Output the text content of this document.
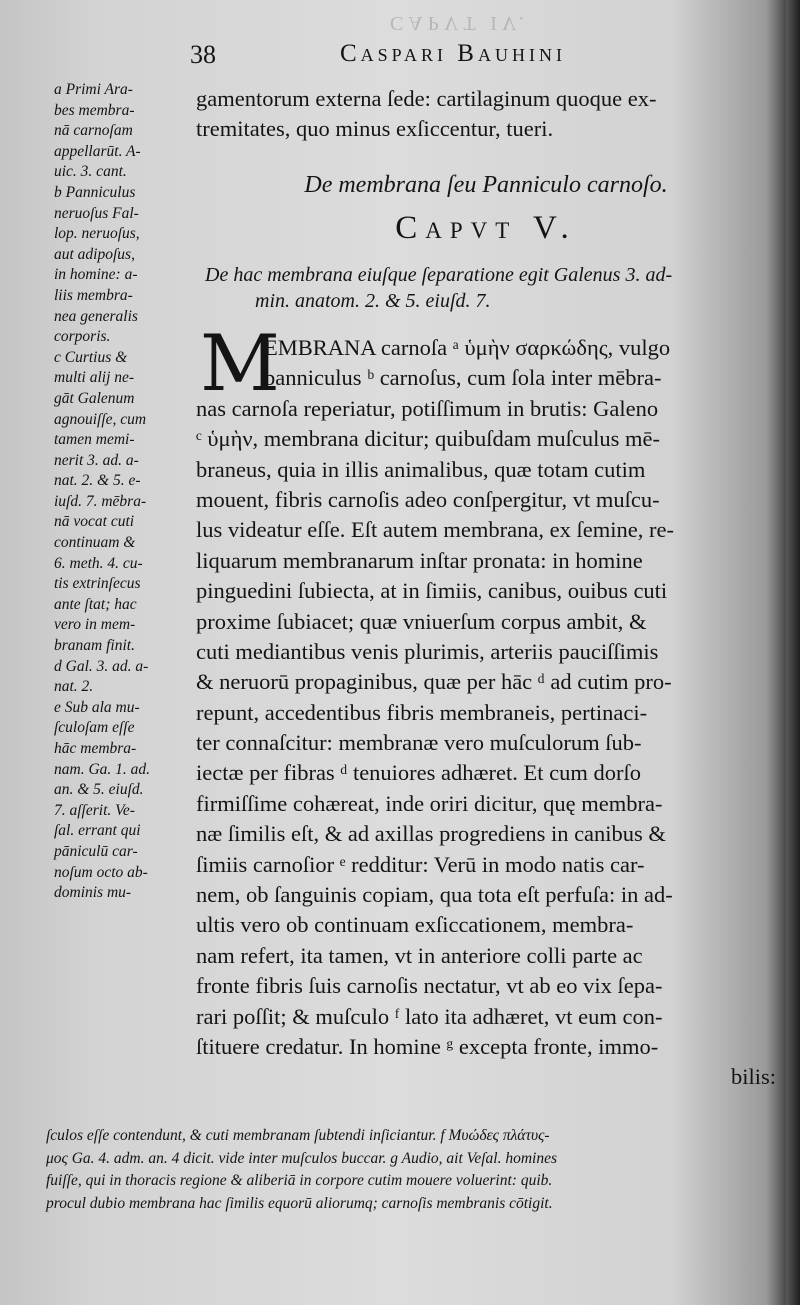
CAPVT IV.
38	Caspari Bauhini
gamentorum externa ſede: cartilaginum quoque ex-
tremitates, quo minus exſiccentur, tueri.
De membrana ſeu Panniculo carnoſo.
Capvt V.
De hac membrana eiuſque ſeparatione egit Galenus 3. ad-
min. anatom. 2. & 5. eiuſd. 7.
M
EMBRANA carnoſa ᵃ ὑμὴν σαρκώδης, vulgo
panniculus ᵇ carnoſus, cum ſola inter mēbra-
nas carnoſa reperiatur, potiſſimum in brutis: Galeno
ᶜ ὑμὴν, membrana dicitur; quibuſdam muſculus mē-
braneus, quia in illis animalibus, quæ totam cutim
mouent, fibris carnoſis adeo conſpergitur, vt muſcu-
lus videatur eſſe. Eſt autem membrana, ex ſemine, re-
liquarum membranarum inſtar pronata: in homine
pinguedini ſubiecta, at in ſimiis, canibus, ouibus cuti
proxime ſubiacet; quæ vniuerſum corpus ambit, &
cuti mediantibus venis plurimis, arteriis pauciſſimis
& neruorū propaginibus, quæ per hāc ᵈ ad cutim pro-
repunt, accedentibus fibris membraneis, pertinaci-
ter connaſcitur: membranæ vero muſculorum ſub-
iectæ per fibras ᵈ tenuiores adhæret. Et cum dorſo
firmiſſime cohæreat, inde oriri dicitur, quę membra-
næ ſimilis eſt, & ad axillas progrediens in canibus &
ſimiis carnoſior ᵉ redditur: Verū in modo natis car-
nem, ob ſanguinis copiam, qua tota eſt perfuſa: in ad-
ultis vero ob continuam exſiccationem, membra-
nam refert, ita tamen, vt in anteriore colli parte ac
fronte fibris ſuis carnoſis nectatur, vt ab eo vix ſepa-
rari poſſit; & muſculo ᶠ lato ita adhæret, vt eum con-
ſtituere credatur. In homine ᵍ excepta fronte, immo-
bilis:
a Primi Ara-
bes membra-
nā carnoſam
appellarūt. A-
uic. 3. cant.
b Panniculus
neruoſus Fal-
lop. neruoſus,
aut adipoſus,
in homine: a-
liis membra-
nea generalis
corporis.
c Curtius &
multi alij ne-
gāt Galenum
agnouiſſe, cum
tamen memi-
nerit 3. ad. a-
nat. 2. & 5. e-
iuſd. 7. mēbra-
nā vocat cuti
continuam &
6. meth. 4. cu-
tis extrinſecus
ante ſtat; hac
vero in mem-
branam finit.
d Gal. 3. ad. a-
nat. 2.
e Sub ala mu-
ſculoſam eſſe
hāc membra-
nam. Ga. 1. ad.
an. & 5. eiuſd.
7. aſſerit. Ve-
ſal. errant qui
pāniculū car-
noſum octo ab-
dominis mu-
ſculos eſſe contendunt, & cuti membranam ſubtendi inſiciantur. f Μυώδες πλάτυς-
μος Ga. 4. adm. an. 4 dicit. vide inter muſculos buccar. g Audio, ait Veſal. homines
fuiſſe, qui in thoracis regione & aliberiā in corpore cutim mouere voluerint: quib.
procul dubio membrana hac ſimilis equorū aliorumq; carnoſis membranis cōtigit.
